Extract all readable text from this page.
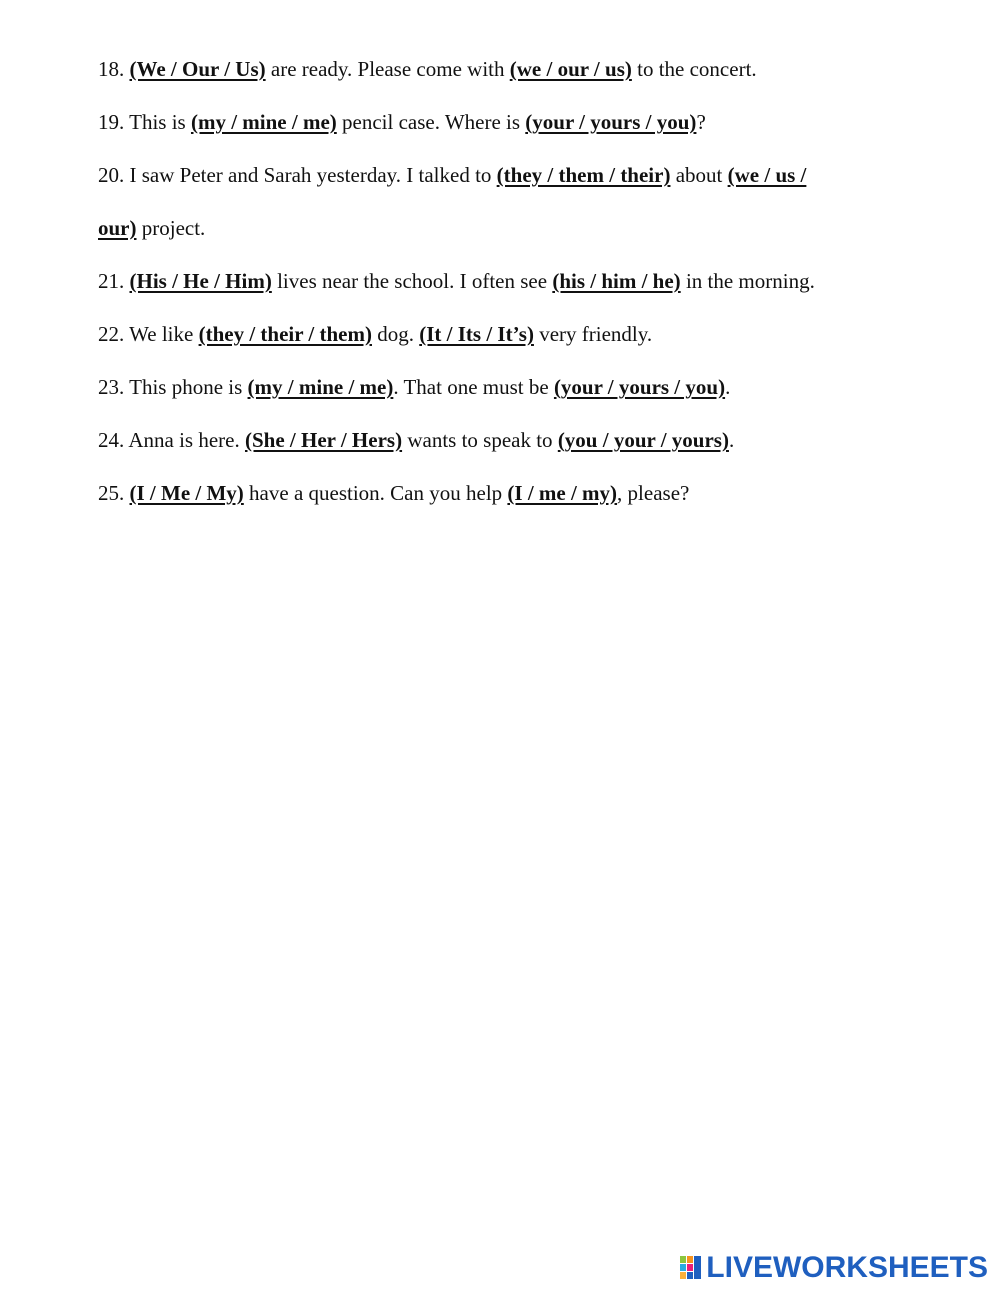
18. (We / Our / Us) are ready. Please come with (we / our / us) to the concert.
19. This is (my / mine / me) pencil case. Where is (your / yours / you)?
20. I saw Peter and Sarah yesterday. I talked to (they / them / their) about (we / us /
our) project.
21. (His / He / Him) lives near the school. I often see (his / him / he) in the morning.
22. We like (they / their / them) dog. (It / Its / It’s) very friendly.
23. This phone is (my / mine / me). That one must be (your / yours / you).
24. Anna is here. (She / Her / Hers) wants to speak to (you / your / yours).
25. (I / Me / My) have a question. Can you help (I / me / my), please?
LIVEWORKSHEETS
